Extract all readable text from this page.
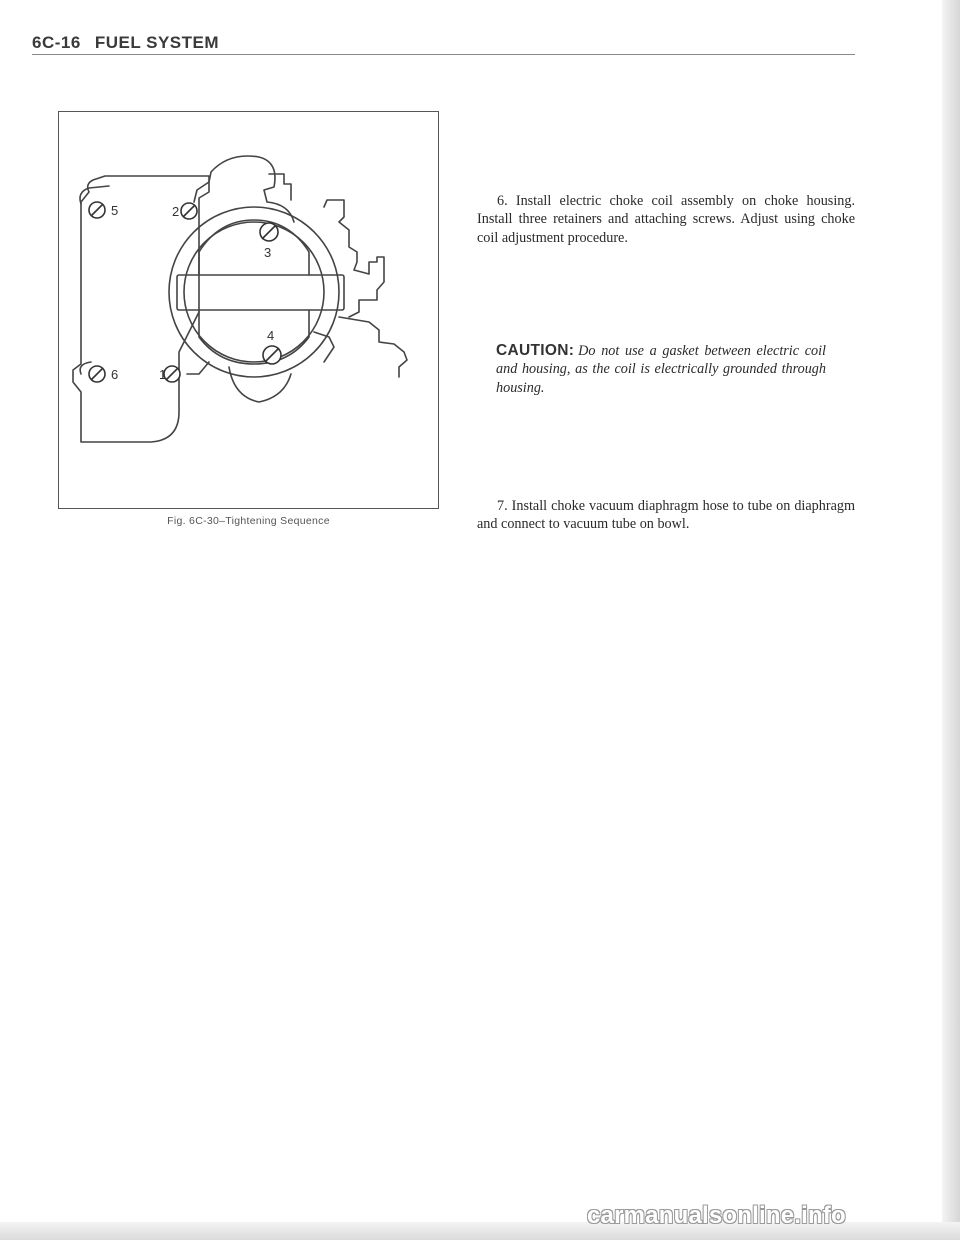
6C-16 FUEL SYSTEM
5	2
3
4
6	1
Fig. 6C-30–Tightening Sequence
6. Install electric choke coil assembly on choke housing. Install three retainers and attaching screws. Adjust using choke coil adjustment procedure.
CAUTION: Do not use a gasket between electric coil and housing, as the coil is electrically grounded through housing.
7. Install choke vacuum diaphragm hose to tube on diaphragm and connect to vacuum tube on bowl.
carmanualsonline.info
